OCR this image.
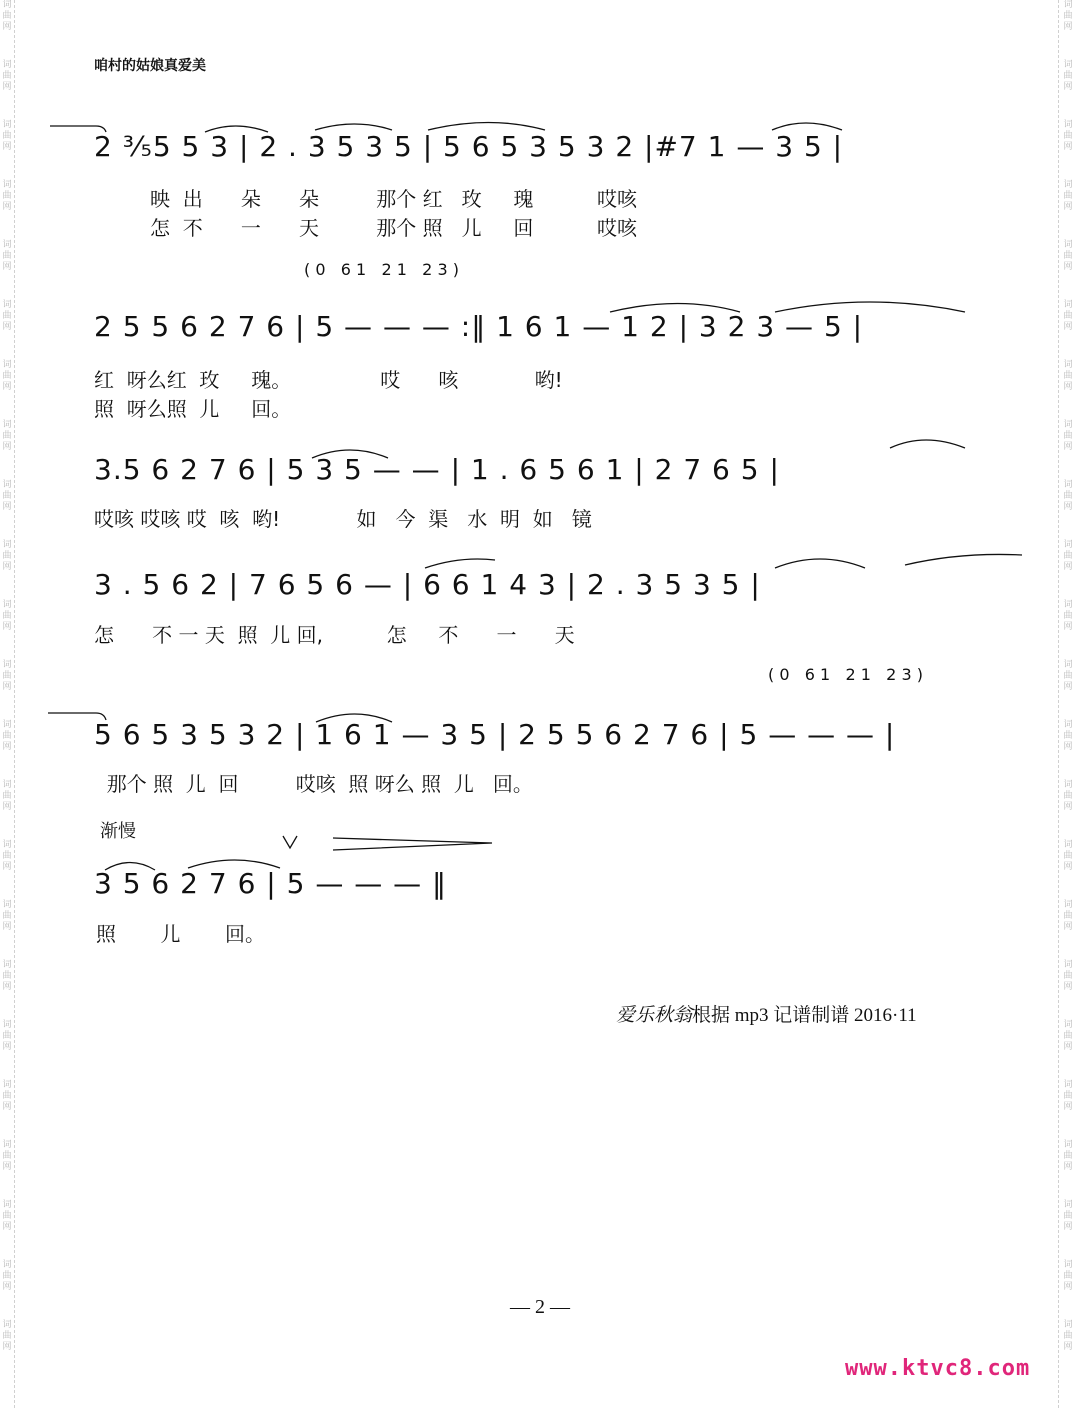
词
曲
网
词
曲
网
词
曲
网
词
曲
网
词
曲
网
词
曲
网
词
曲
网
词
曲
网
词
曲
网
词
曲
网
词
曲
网
词
曲
网
词
曲
网
词
曲
网
词
曲
网
词
曲
网
词
曲
网
词
曲
网
词
曲
网
词
曲
网
词
曲
网
词
曲
网
词
曲
网
词
曲
网
词
曲
网
词
曲
网
词
曲
网
词
曲
网
词
曲
网
词
曲
网
词
曲
网
词
曲
网
词
曲
网
词
曲
网
词
曲
网
词
曲
网
词
曲
网
词
曲
网
词
曲
网
词
曲
网
词
曲
网
词
曲
网
词
曲
网
词
曲
网
词
曲
网
词
曲
网
咱村的姑娘真爱美
2 ³⁄₅5 5 3 | 2 . 3 5 3 5 | 5 6 5 3 5 3 2 |#7 1 — 3 5 |
映  出      朵      朵         那个 红   玫     瑰          哎咳
怎  不      一      天         那个 照   儿     回          哎咳
( 0   6 1   2 1   2 3 )
2 5 5 6 2 7 6 | 5 — — — :‖ 1 6 1 — 1 2 | 3 2 3 — 5 |
红  呀么红  玫     瑰。              哎      咳            哟!
照  呀么照  儿     回。
3.5 6 2 7 6 | 5 3 5 — — | 1 . 6 5 6 1 | 2 7 6 5 |
哎咳 哎咳 哎  咳  哟!            如   今  渠   水  明  如   镜
3 . 5 6 2 | 7 6 5 6 — | 6 6 1 4 3 | 2 . 3 5 3 5 |
怎      不 一 天  照  儿 回,          怎     不      一      天
( 0   6 1   2 1   2 3 )
5 6 5 3 5 3 2 | 1 6 1 — 3 5 | 2 5 5 6 2 7 6 | 5 — — — |
那个 照  儿  回         哎咳  照 呀么 照  儿   回。
渐慢
3 5 6 2 7 6 | 5 — — — ‖
照       儿       回。
爱乐秋翁根据 mp3 记谱制谱 2016·11
— 2 —
www.ktvc8.com
